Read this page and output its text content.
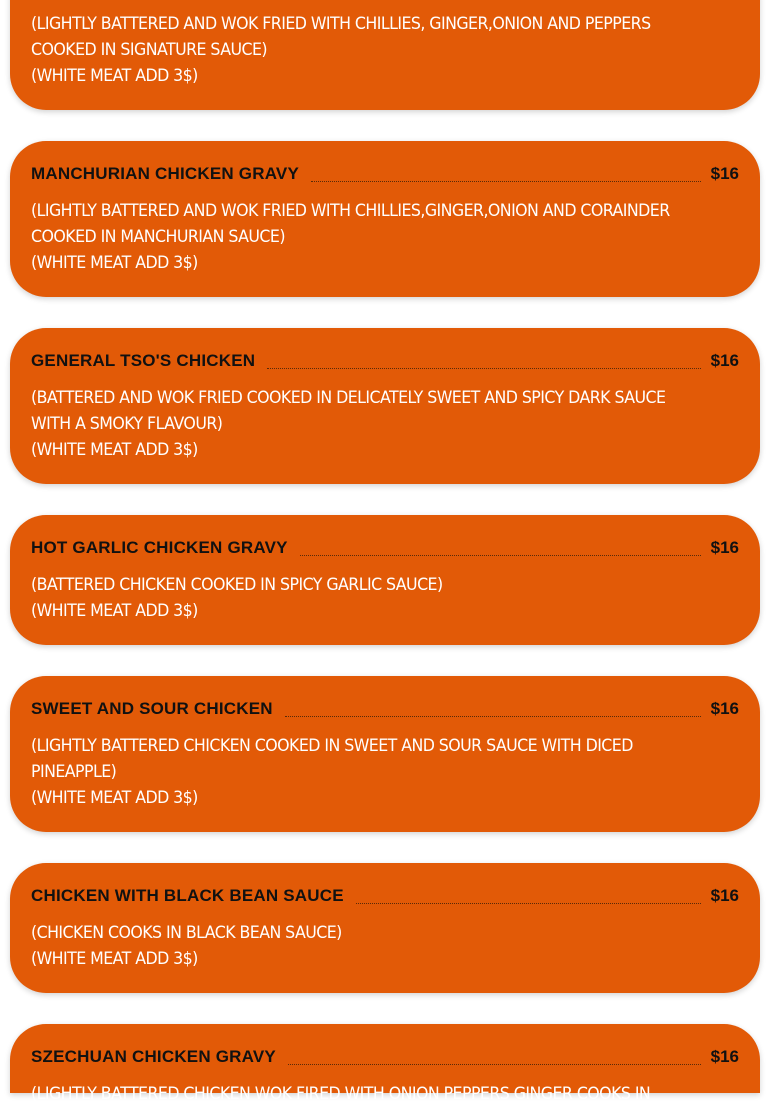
(LIGHTLY BATTERED AND WOK FRIED WITH CHILLIES, GINGER,ONION AND PEPPERS
COOKED IN SIGNATURE SAUCE)
(WHITE MEAT ADD 3$)
MANCHURIAN CHICKEN GRAVY	$16
(LIGHTLY BATTERED AND WOK FRIED WITH CHILLIES,GINGER,ONION AND CORAINDER
COOKED IN MANCHURIAN SAUCE)
(WHITE MEAT ADD 3$)
GENERAL TSO'S CHICKEN	$16
(BATTERED AND WOK FRIED COOKED IN DELICATELY SWEET AND SPICY DARK SAUCE
WITH A SMOKY FLAVOUR)
(WHITE MEAT ADD 3$)
HOT GARLIC CHICKEN GRAVY	$16
(BATTERED CHICKEN COOKED IN SPICY GARLIC SAUCE)
(WHITE MEAT ADD 3$)
SWEET AND SOUR CHICKEN	$16
(LIGHTLY BATTERED CHICKEN COOKED IN SWEET AND SOUR SAUCE WITH DICED
PINEAPPLE)
(WHITE MEAT ADD 3$)
CHICKEN WITH BLACK BEAN SAUCE	$16
(CHICKEN COOKS IN BLACK BEAN SAUCE)
(WHITE MEAT ADD 3$)
SZECHUAN CHICKEN GRAVY	$16
(LIGHTLY BATTERED CHICKEN WOK FIRED WITH ONION PEPPERS GINGER COOKS IN
